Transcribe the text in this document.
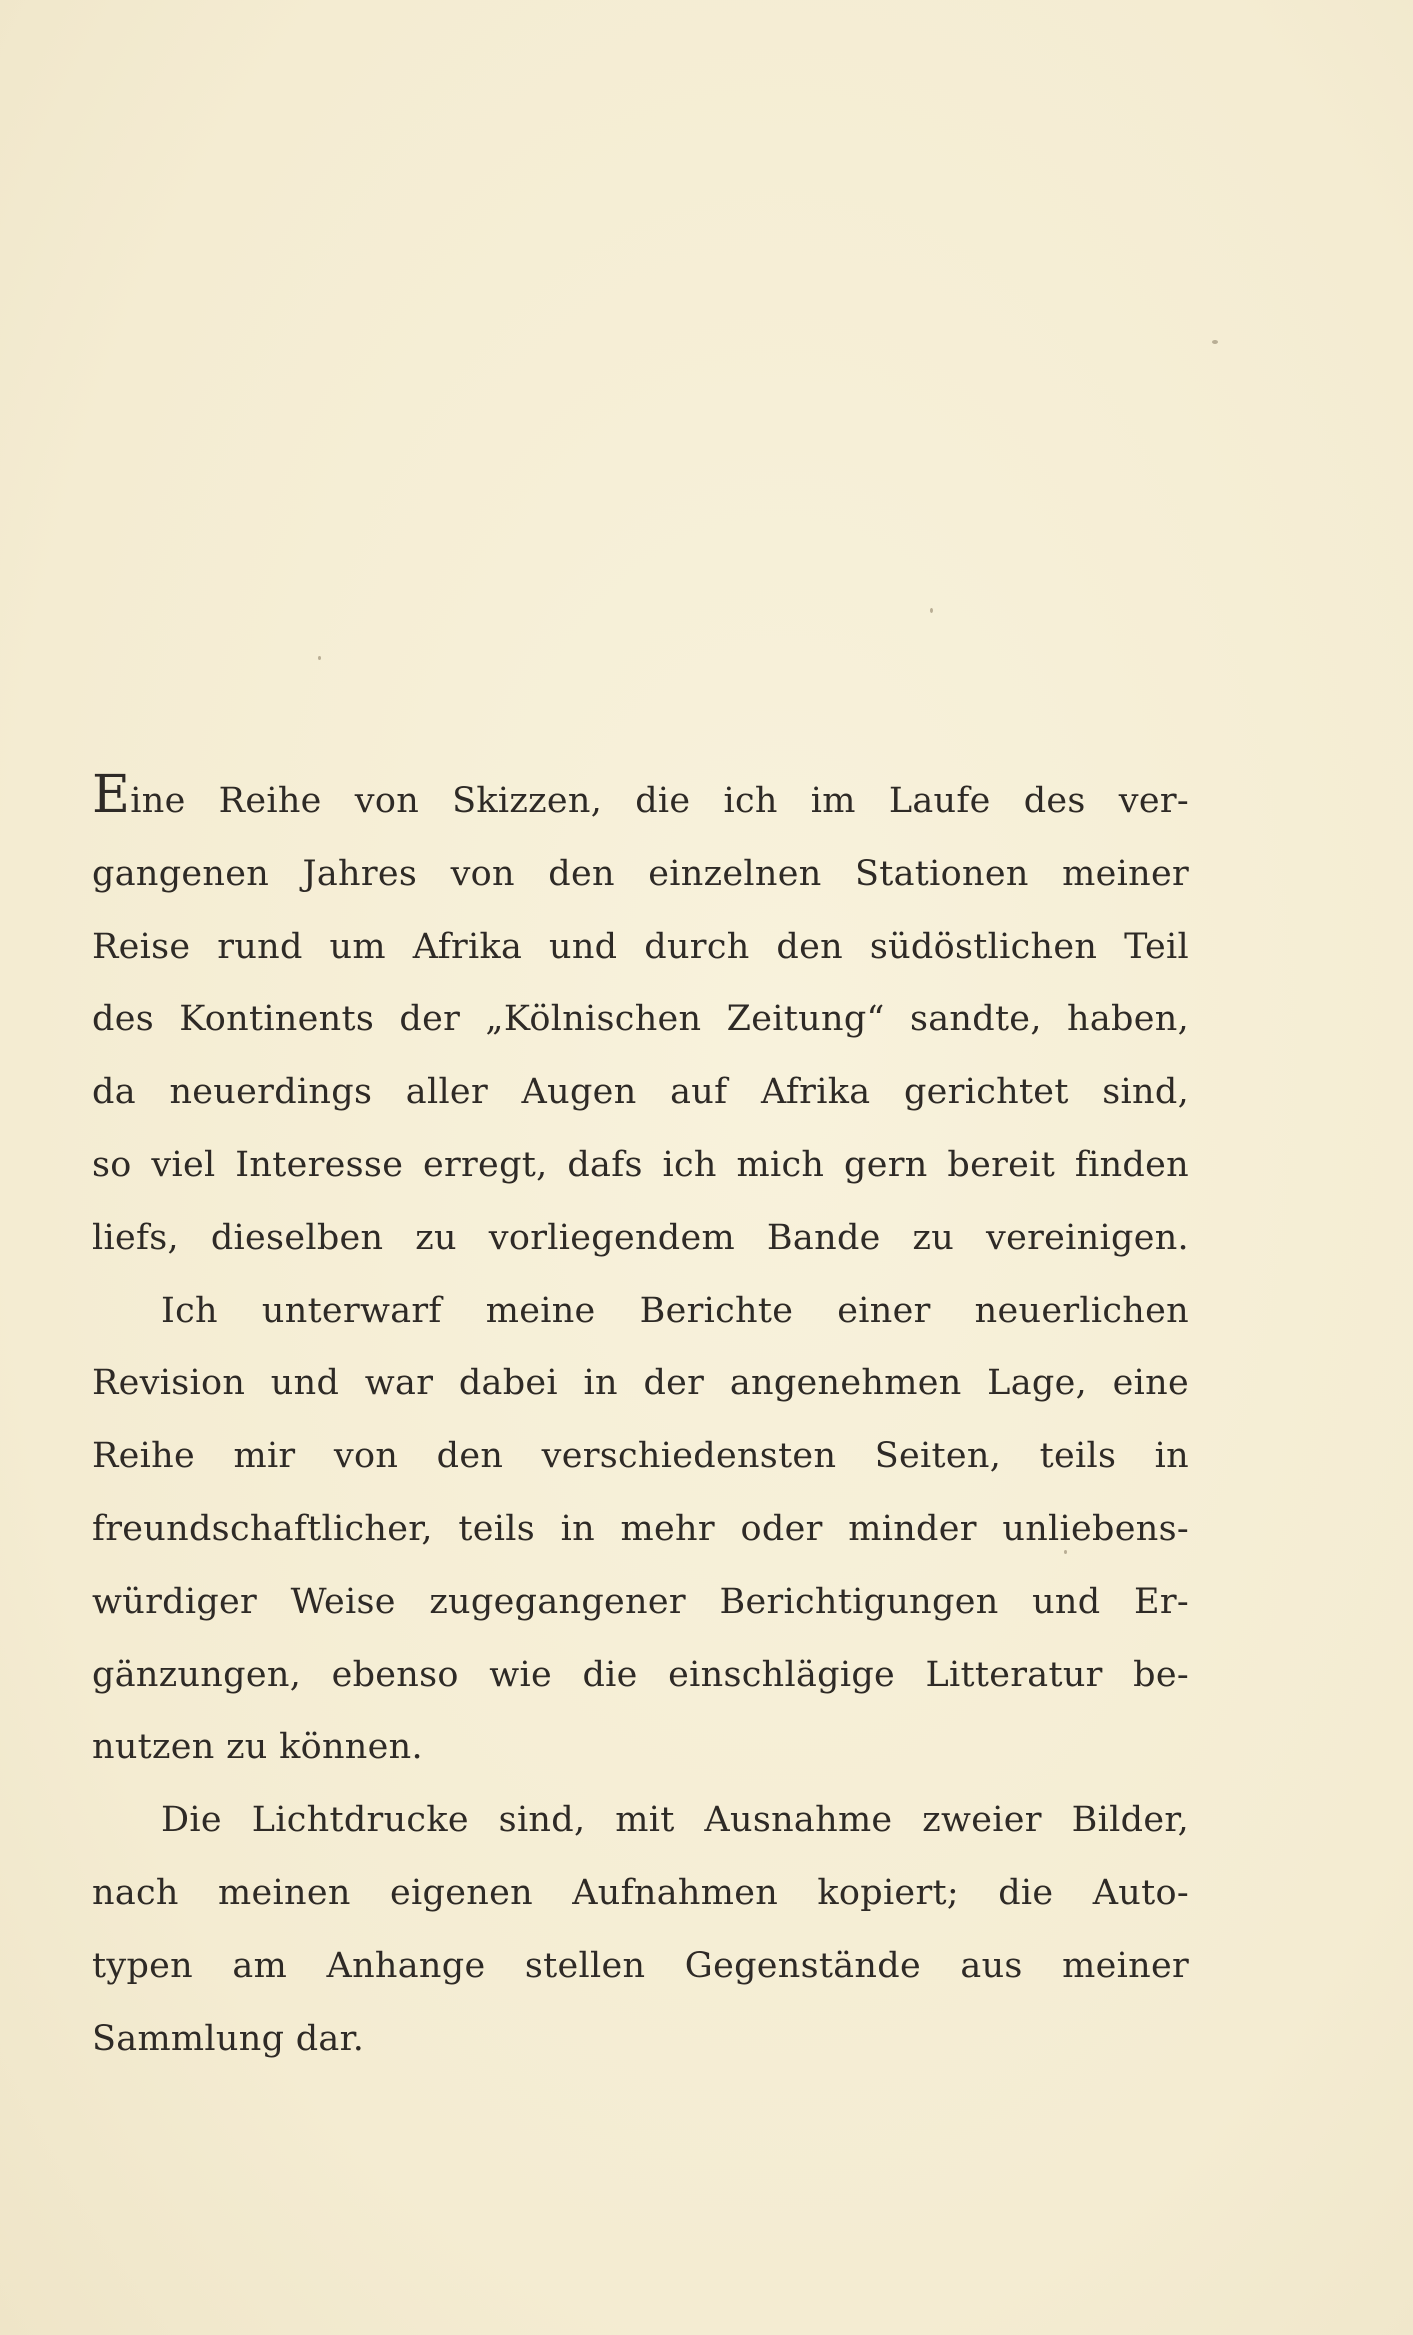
Eine Reihe von Skizzen, die ich im Laufe des ver-
gangenen Jahres von den einzelnen Stationen meiner
Reise rund um Afrika und durch den südöstlichen Teil
des Kontinents der „Kölnischen Zeitung“ sandte, haben,
da neuerdings aller Augen auf Afrika gerichtet sind,
so viel Interesse erregt, dafs ich mich gern bereit finden
liefs, dieselben zu vorliegendem Bande zu vereinigen.
Ich unterwarf meine Berichte einer neuerlichen
Revision und war dabei in der angenehmen Lage, eine
Reihe mir von den verschiedensten Seiten, teils in
freundschaftlicher, teils in mehr oder minder unliebens-
würdiger Weise zugegangener Berichtigungen und Er-
gänzungen, ebenso wie die einschlägige Litteratur be-
nutzen zu können.
Die Lichtdrucke sind, mit Ausnahme zweier Bilder,
nach meinen eigenen Aufnahmen kopiert; die Auto-
typen am Anhange stellen Gegenstände aus meiner
Sammlung dar.
